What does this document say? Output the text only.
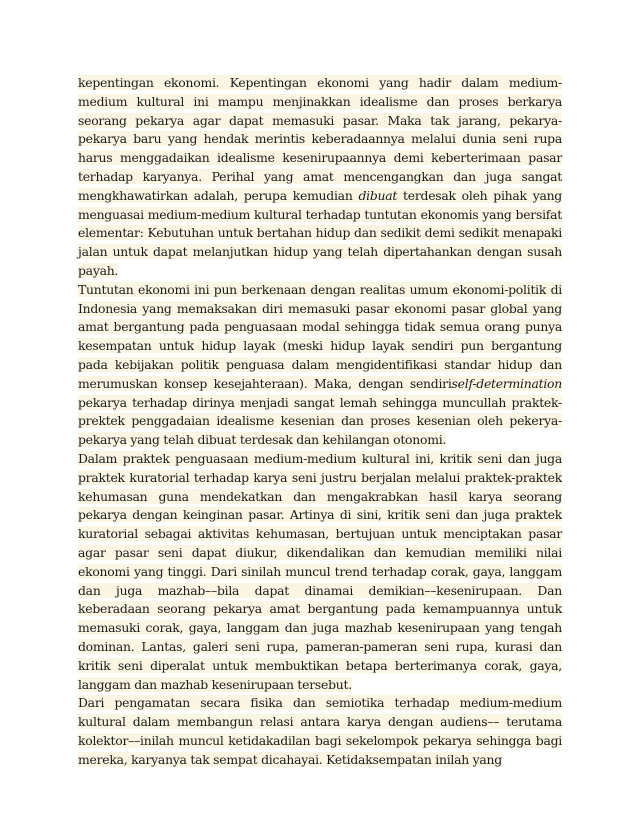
kepentingan ekonomi. Kepentingan ekonomi yang hadir dalam medium-medium kultural ini mampu menjinakkan idealisme dan proses berkarya seorang pekarya agar dapat memasuki pasar. Maka tak jarang, pekarya-pekarya baru yang hendak merintis keberadaannya melalui dunia seni rupa harus menggadaikan idealisme kesenirupaannya demi keberterimaan pasar terhadap karyanya. Perihal yang amat mencengangkan dan juga sangat mengkhawatirkan adalah, perupa kemudian dibuat terdesak oleh pihak yang menguasai medium-medium kultural terhadap tuntutan ekonomis yang bersifat elementar: Kebutuhan untuk bertahan hidup dan sedikit demi sedikit menapaki jalan untuk dapat melanjutkan hidup yang telah dipertahankan dengan susah payah.

Tuntutan ekonomi ini pun berkenaan dengan realitas umum ekonomi-politik di Indonesia yang memaksakan diri memasuki pasar ekonomi pasar global yang amat bergantung pada penguasaan modal sehingga tidak semua orang punya kesempatan untuk hidup layak (meski hidup layak sendiri pun bergantung pada kebijakan politik penguasa dalam mengidentifikasi standar hidup dan merumuskan konsep kesejahteraan). Maka, dengan sendiriself-determination pekarya terhadap dirinya menjadi sangat lemah sehingga muncullah praktek-prektek penggadaian idealisme kesenian dan proses kesenian oleh pekerya-pekarya yang telah dibuat terdesak dan kehilangan otonomi.

Dalam praktek penguasaan medium-medium kultural ini, kritik seni dan juga praktek kuratorial terhadap karya seni justru berjalan melalui praktek-praktek kehumasan guna mendekatkan dan mengakrabkan hasil karya seorang pekarya dengan keinginan pasar. Artinya di sini, kritik seni dan juga praktek kuratorial sebagai aktivitas kehumasan, bertujuan untuk menciptakan pasar agar pasar seni dapat diukur, dikendalikan dan kemudian memiliki nilai ekonomi yang tinggi. Dari sinilah muncul trend terhadap corak, gaya, langgam dan juga mazhab––bila dapat dinamai demikian––kesenirupaan. Dan keberadaan seorang pekarya amat bergantung pada kemampuannya untuk memasuki corak, gaya, langgam dan juga mazhab kesenirupaan yang tengah dominan. Lantas, galeri seni rupa, pameran-pameran seni rupa, kurasi dan kritik seni diperalat untuk membuktikan betapa berterimanya corak, gaya, langgam dan mazhab kesenirupaan tersebut.

Dari pengamatan secara fisika dan semiotika terhadap medium-medium kultural dalam membangun relasi antara karya dengan audiens–– terutama kolektor––inilah muncul ketidakadilan bagi sekelompok pekarya sehingga bagi mereka, karyanya tak sempat dicahayai. Ketidaksempatan inilah yang
